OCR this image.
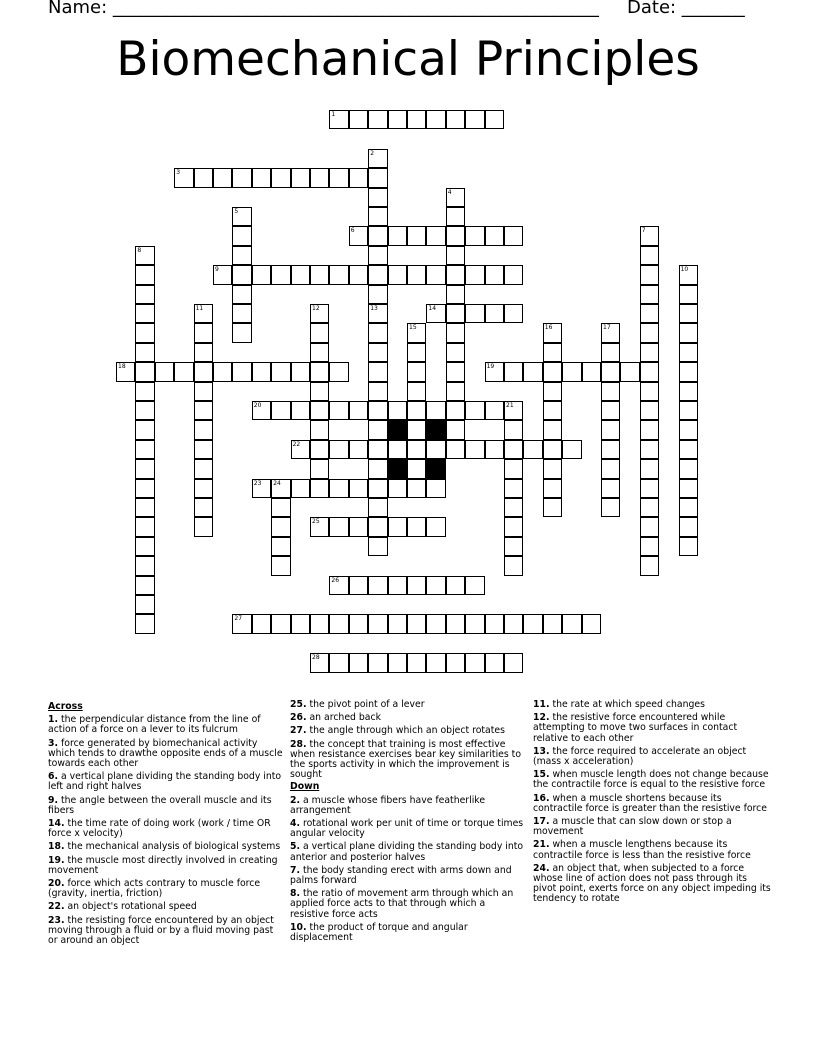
Name: ______________________________________________________ Date: _______
Biomechanical Principles
1
2
13
3
4
5
6	7
8
9	10
11	12	14
15	16	17
18	19
20	21
22
23 24
25
26
27
28
Across
1. the perpendicular distance from the line of action of a force on a lever to its fulcrum
3. force generated by biomechanical activity which tends to drawthe opposite ends of a muscle towards each other
6. a vertical plane dividing the standing body into left and right halves
9. the angle between the overall muscle and its fibers
14. the time rate of doing work (work / time OR force x velocity)
18. the mechanical analysis of biological systems
19. the muscle most directly involved in creating movement
20. force which acts contrary to muscle force (gravity, inertia, friction)
22. an object's rotational speed
23. the resisting force encountered by an object moving through a fluid or by a fluid moving past or around an object
25. the pivot point of a lever
26. an arched back
27. the angle through which an object rotates
28. the concept that training is most effective when resistance exercises bear key similarities to the sports activity in which the improvement is sought
Down
2. a muscle whose fibers have featherlike arrangement
4. rotational work per unit of time or torque times angular velocity
5. a vertical plane dividing the standing body into anterior and posterior halves
7. the body standing erect with arms down and palms forward
8. the ratio of movement arm through which an applied force acts to that through which a resistive force acts
10. the product of torque and angular displacement
11. the rate at which speed changes
12. the resistive force encountered while attempting to move two surfaces in contact relative to each other
13. the force required to accelerate an object (mass x acceleration)
15. when muscle length does not change because the contractile force is equal to the resistive force
16. when a muscle shortens because its contractile force is greater than the resistive force
17. a muscle that can slow down or stop a movement
21. when a muscle lengthens because its contractile force is less than the resistive force
24. an object that, when subjected to a force whose line of action does not pass through its pivot point, exerts force on any object impeding its tendency to rotate
